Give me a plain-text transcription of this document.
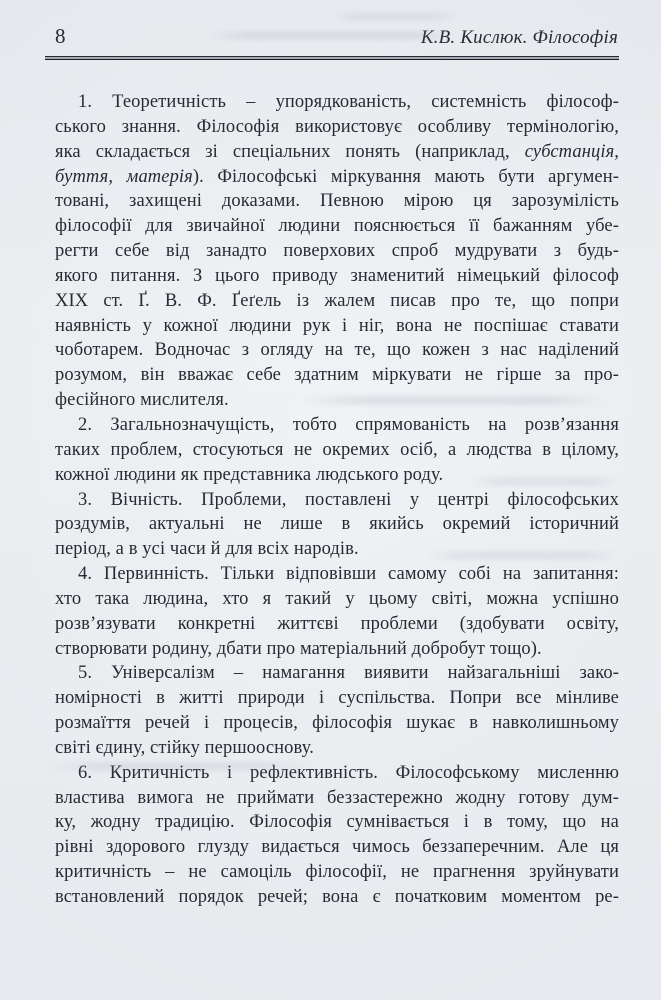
8	К.В. Кислюк. Філософія
1. Теоретичність – упорядкованість, системність філософ-
ського знання. Філософія використовує особливу термінологію,
яка складається зі спеціальних понять (наприклад, субстанція,
буття, матерія). Філософські міркування мають бути аргумен-
товані, захищені доказами. Певною мірою ця зарозумілість
філософії для звичайної людини пояснюється її бажанням убе-
регти себе від занадто поверхових спроб мудрувати з будь-
якого питання. З цього приводу знаменитий німецький філософ
XIX ст. Ґ. В. Ф. Ґеґель із жалем писав про те, що попри
наявність у кожної людини рук і ніг, вона не поспішає ставати
чоботарем. Водночас з огляду на те, що кожен з нас наділений
розумом, він вважає себе здатним міркувати не гірше за про-
фесійного мислителя.
2. Загальнозначущість, тобто спрямованість на розв’язання
таких проблем, стосуються не окремих осіб, а людства в цілому,
кожної людини як представника людського роду.
3. Вічність. Проблеми, поставлені у центрі філософських
роздумів, актуальні не лише в якийсь окремий історичний
період, а в усі часи й для всіх народів.
4. Первинність. Тільки відповівши самому собі на запитання:
хто така людина, хто я такий у цьому світі, можна успішно
розв’язувати конкретні життєві проблеми (здобувати освіту,
створювати родину, дбати про матеріальний добробут тощо).
5. Універсалізм – намагання виявити найзагальніші зако-
номірності в житті природи і суспільства. Попри все мінливе
розмаїття речей і процесів, філософія шукає в навколишньому
світі єдину, стійку першооснову.
6. Критичність і рефлективність. Філософському мисленню
властива вимога не приймати беззастережно жодну готову дум-
ку, жодну традицію. Філософія сумнівається і в тому, що на
рівні здорового глузду видається чимось беззаперечним. Але ця
критичність – не самоціль філософії, не прагнення зруйнувати
встановлений порядок речей; вона є початковим моментом ре-
